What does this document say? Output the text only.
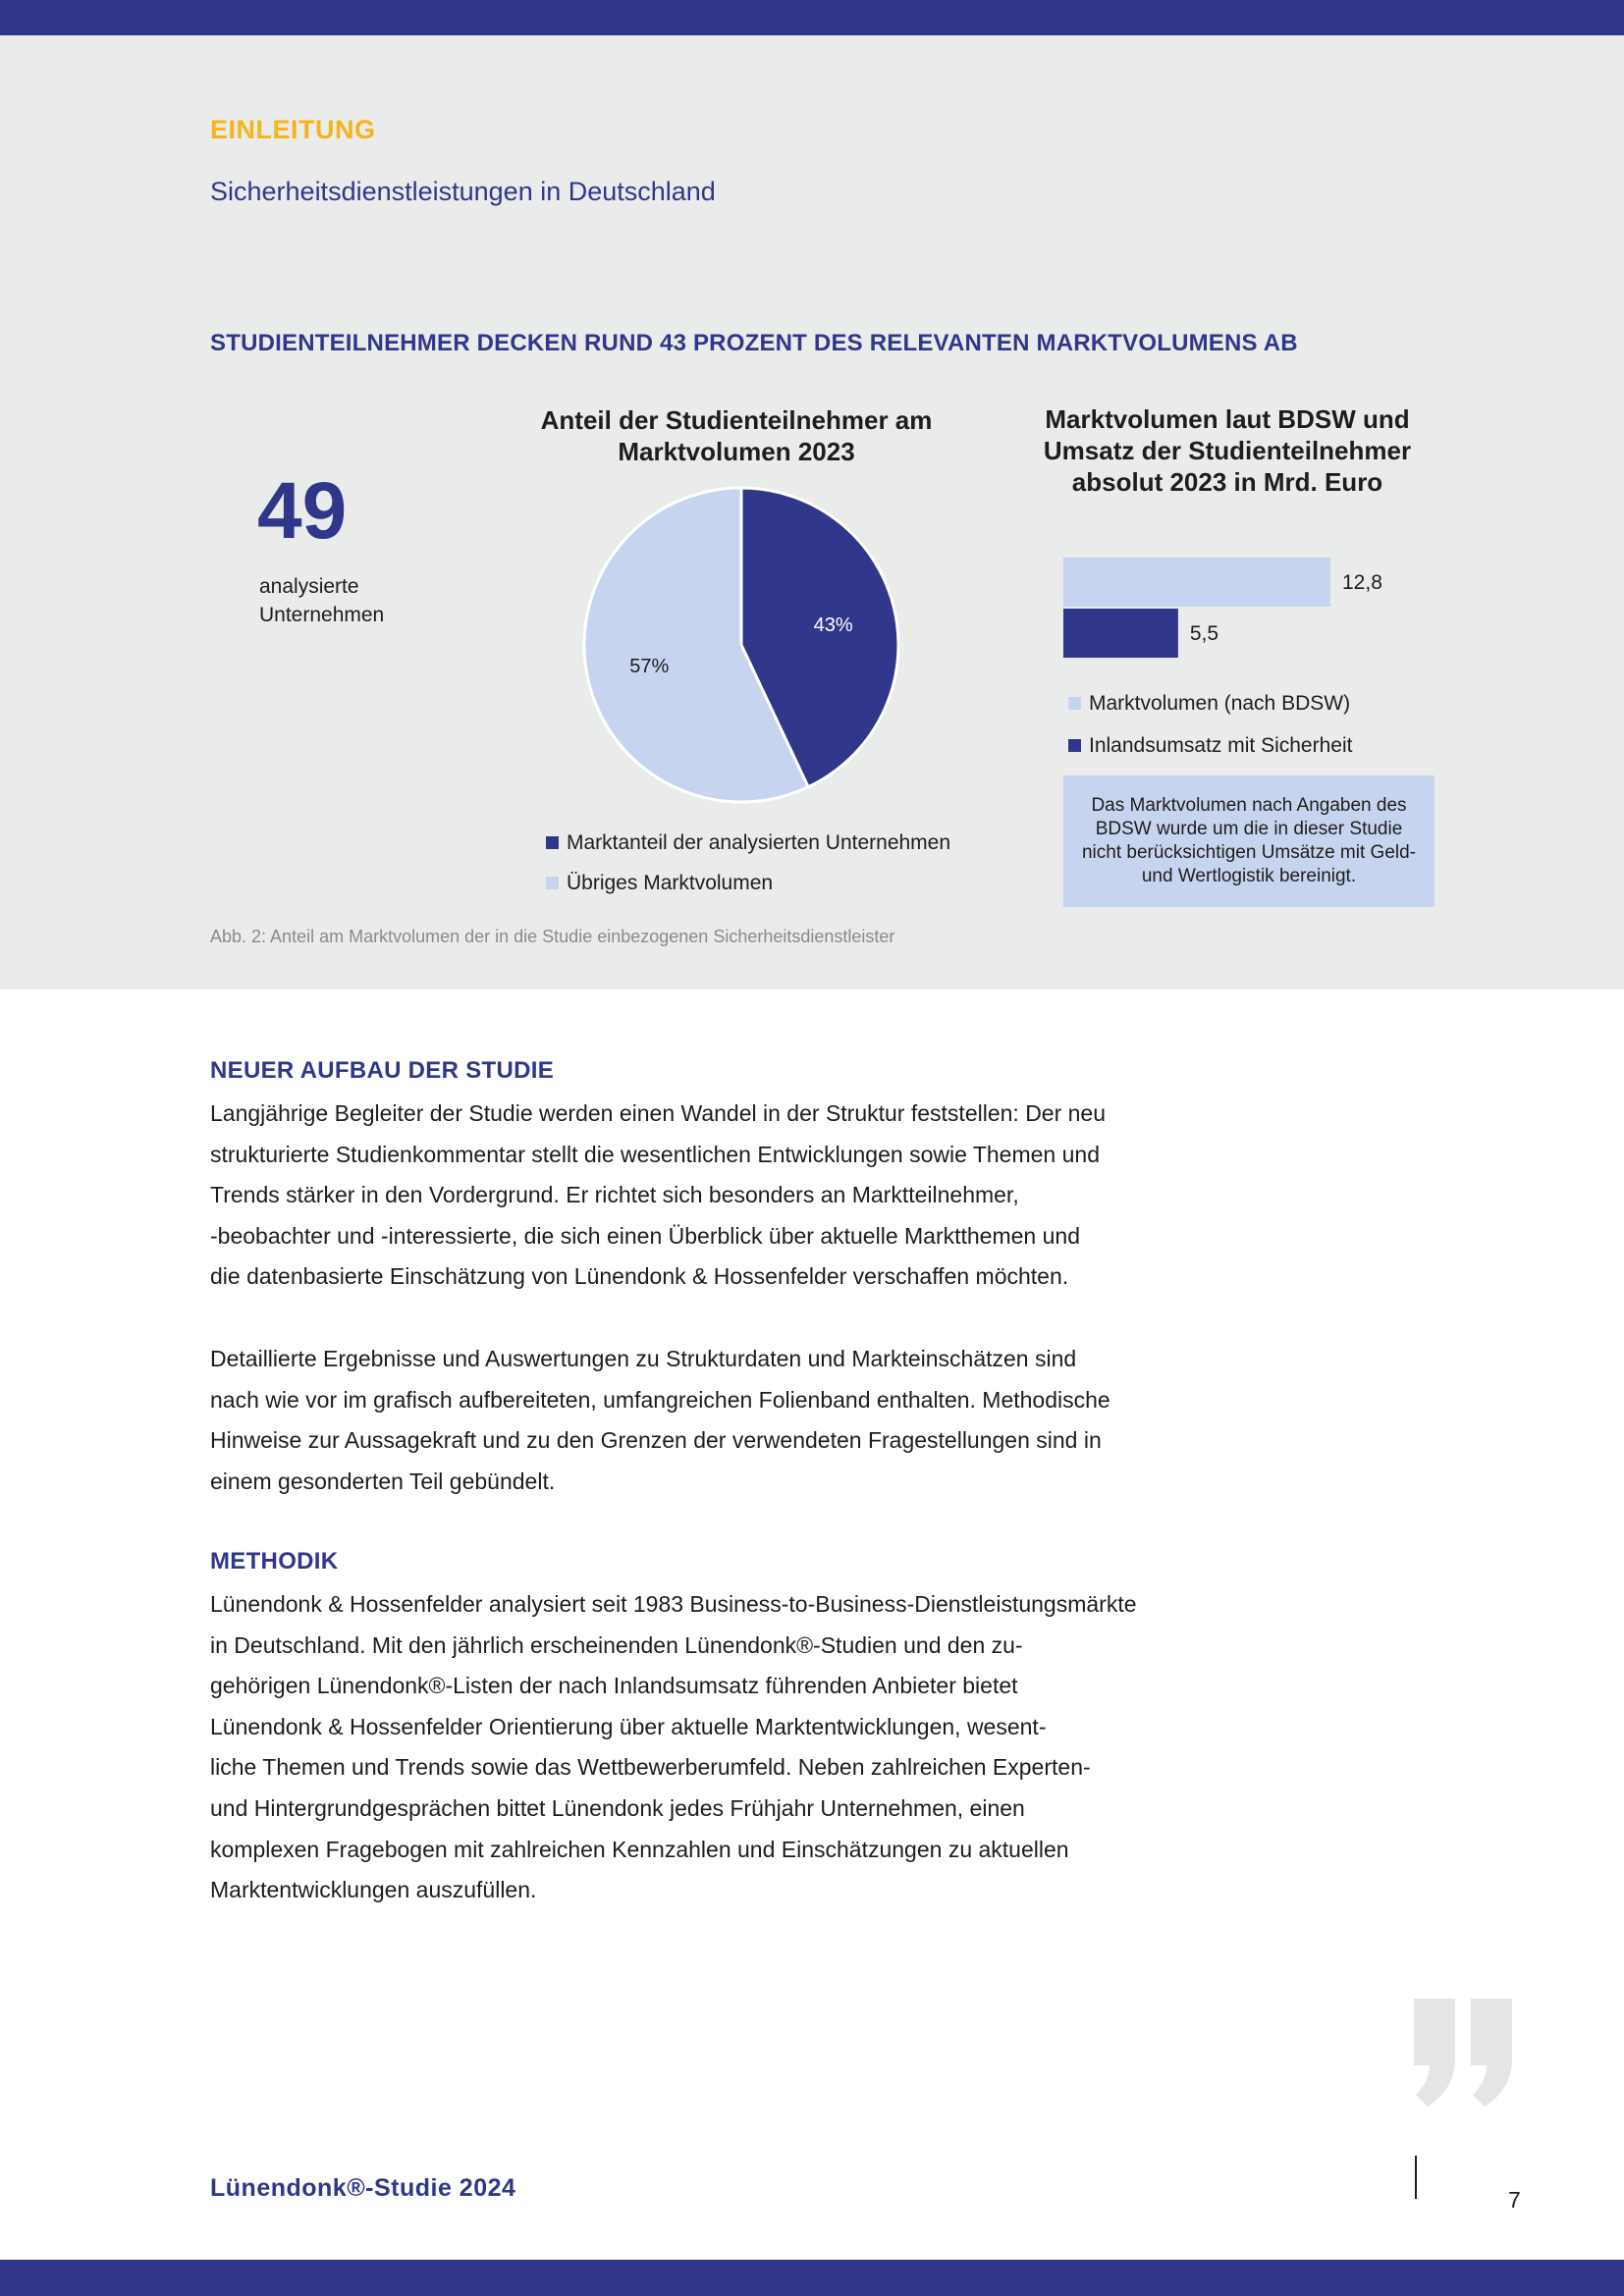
EINLEITUNG
Sicherheitsdienstleistungen in Deutschland
STUDIENTEILNEHMER DECKEN RUND 43 PROZENT DES RELEVANTEN MARKTVOLUMENS AB
49
analysierte
Unternehmen
Anteil der Studienteilnehmer am
Marktvolumen 2023
43%
57%
Marktanteil der analysierten Unternehmen
Übriges Marktvolumen
Marktvolumen laut BDSW und
Umsatz der Studienteilnehmer
absolut 2023 in Mrd. Euro
12,8
5,5
Marktvolumen (nach BDSW)
Inlandsumsatz mit Sicherheit
Das Marktvolumen nach Angaben des BDSW wurde um die in dieser Studie nicht berücksichtigen Umsätze mit Geld- und Wertlogistik bereinigt.
Abb. 2: Anteil am Marktvolumen der in die Studie einbezogenen Sicherheitsdienstleister
NEUER AUFBAU DER STUDIE
Langjährige Begleiter der Studie werden einen Wandel in der Struktur feststellen: Der neu
strukturierte Studienkommentar stellt die wesentlichen Entwicklungen sowie Themen und
Trends stärker in den Vordergrund. Er richtet sich besonders an Marktteilnehmer,
-beobachter und -interessierte, die sich einen Überblick über aktuelle Marktthemen und
die datenbasierte Einschätzung von Lünendonk & Hossenfelder verschaffen möchten.
Detaillierte Ergebnisse und Auswertungen zu Strukturdaten und Markteinschätzen sind
nach wie vor im grafisch aufbereiteten, umfangreichen Folienband enthalten. Methodische
Hinweise zur Aussagekraft und zu den Grenzen der verwendeten Fragestellungen sind in
einem gesonderten Teil gebündelt.
METHODIK
Lünendonk & Hossenfelder analysiert seit 1983 Business-to-Business-Dienstleistungsmärkte
in Deutschland. Mit den jährlich erscheinenden Lünendonk®-Studien und den zu-
gehörigen Lünendonk®-Listen der nach Inlandsumsatz führenden Anbieter bietet
Lünendonk & Hossenfelder Orientierung über aktuelle Marktentwicklungen, wesent-
liche Themen und Trends sowie das Wettbewerberumfeld. Neben zahlreichen Experten-
und Hintergrundgesprächen bittet Lünendonk jedes Frühjahr Unternehmen, einen
komplexen Fragebogen mit zahlreichen Kennzahlen und Einschätzungen zu aktuellen
Marktentwicklungen auszufüllen.
Lünendonk®-Studie 2024	7
